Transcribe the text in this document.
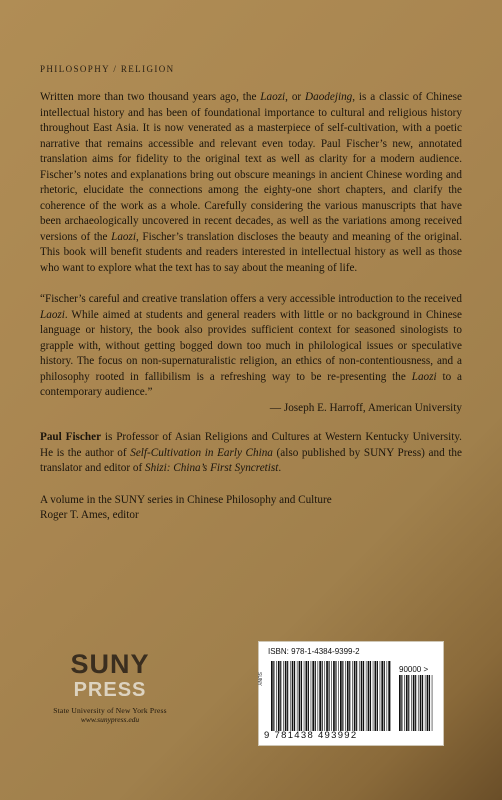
PHILOSOPHY / RELIGION

Written more than two thousand years ago, the Laozi, or Daodejing, is a classic of Chinese intellectual history and has been of foundational importance to cultural and religious history throughout East Asia. It is now venerated as a masterpiece of self-cultivation, with a poetic narrative that remains accessible and relevant even today. Paul Fischer’s new, annotated translation aims for fidelity to the original text as well as clarity for a modern audience. Fischer’s notes and explanations bring out obscure meanings in ancient Chinese wording and rhetoric, elucidate the connections among the eighty-one short chapters, and clarify the coherence of the work as a whole. Carefully considering the various manuscripts that have been archaeologically uncovered in recent decades, as well as the variations among received versions of the Laozi, Fischer’s translation discloses the beauty and meaning of the original. This book will benefit students and readers interested in intellectual history as well as those who want to explore what the text has to say about the meaning of life.

“Fischer’s careful and creative translation offers a very accessible introduction to the received Laozi. While aimed at students and general readers with little or no background in Chinese language or history, the book also provides sufficient context for seasoned sinologists to grapple with, without getting bogged down too much in philological issues or speculative history. The focus on non-supernaturalistic religion, an ethics of non-contentiousness, and a philosophy rooted in fallibilism is a refreshing way to be re-presenting the Laozi to a contemporary audience.”

— Joseph E. Harroff, American University

Paul Fischer is Professor of Asian Religions and Cultures at Western Kentucky University. He is the author of Self-Cultivation in Early China (also published by SUNY Press) and the translator and editor of Shizi: China’s First Syncretist.

A volume in the SUNY series in Chinese Philosophy and Culture
Roger T. Ames, editor
SUNY
PRESS
State University of New York Press
www.sunypress.edu
ISBN: 978-1-4384-9399-2
90000 >
SUNY
9 781438 493992
